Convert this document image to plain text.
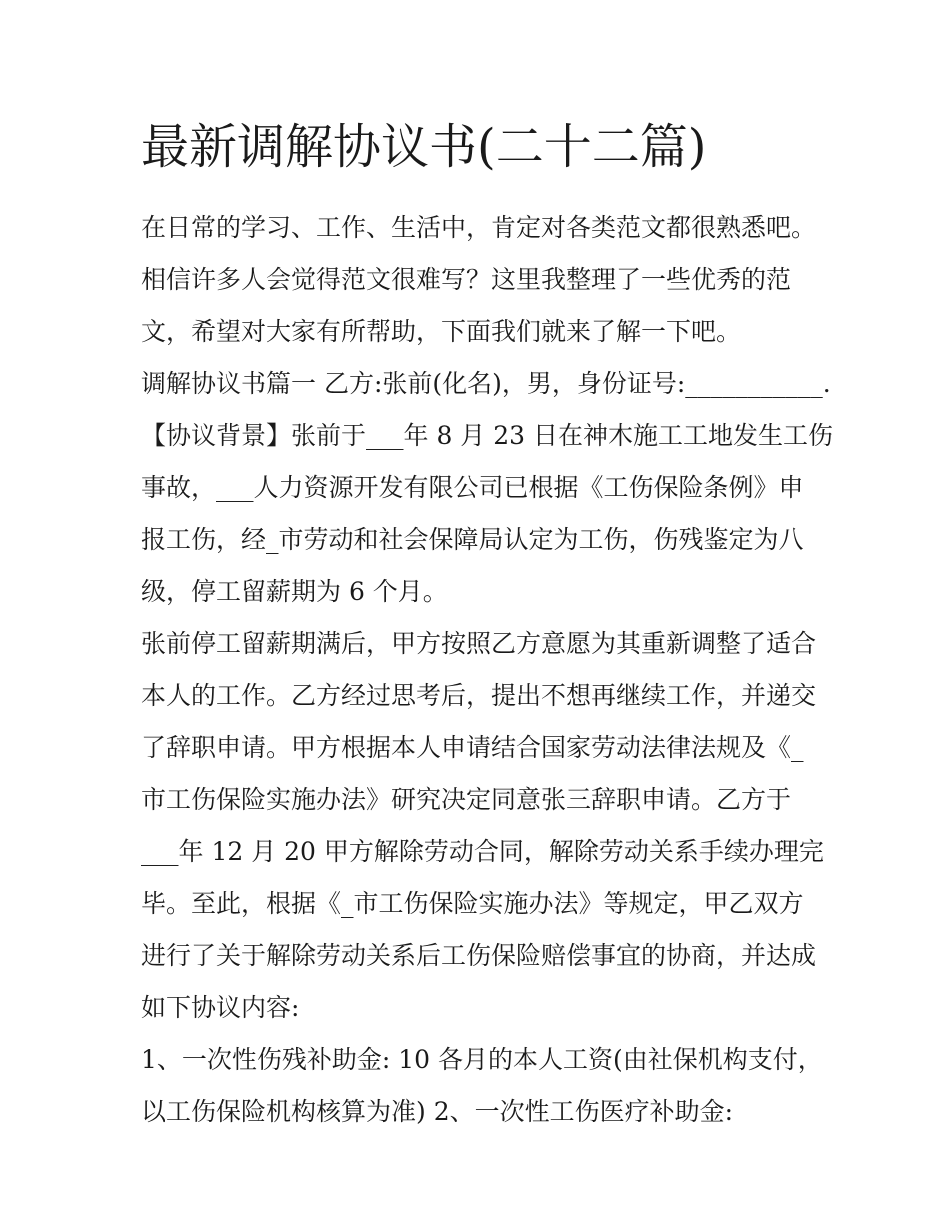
最新调解协议书(二十二篇)

在日常的学习、工作、生活中，肯定对各类范文都很熟悉吧。

相信许多人会觉得范文很难写？这里我整理了一些优秀的范

文，希望对大家有所帮助，下面我们就来了解一下吧。

调解协议书篇一 乙方:张前(化名)，男，身份证号:___________.

【协议背景】张前于___年 8 月 23 日在神木施工工地发生工伤

事故，___人力资源开发有限公司已根据《工伤保险条例》申

报工伤，经_市劳动和社会保障局认定为工伤，伤残鉴定为八

级，停工留薪期为 6 个月。

张前停工留薪期满后，甲方按照乙方意愿为其重新调整了适合

本人的工作。乙方经过思考后，提出不想再继续工作，并递交

了辞职申请。甲方根据本人申请结合国家劳动法律法规及《_

市工伤保险实施办法》研究决定同意张三辞职申请。乙方于

___年 12 月 20 甲方解除劳动合同，解除劳动关系手续办理完

毕。至此，根据《_市工伤保险实施办法》等规定，甲乙双方

进行了关于解除劳动关系后工伤保险赔偿事宜的协商，并达成

如下协议内容:

1、一次性伤残补助金: 10 各月的本人工资(由社保机构支付，

以工伤保险机构核算为准) 2、一次性工伤医疗补助金:
